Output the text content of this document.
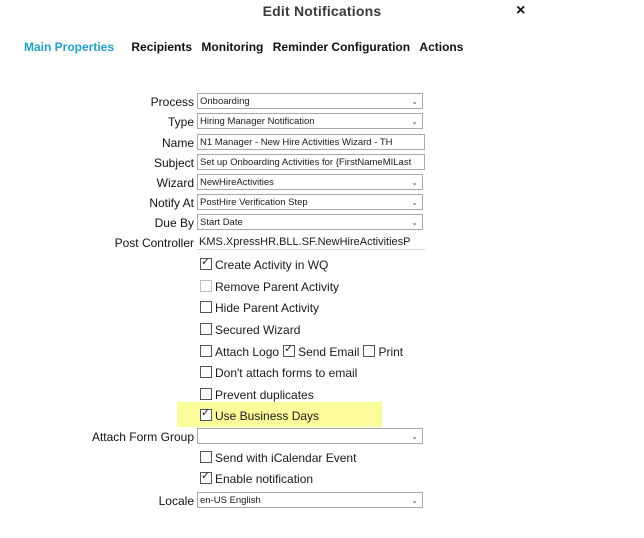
Edit Notifications	×
Main Properties Recipients Monitoring Reminder Configuration Actions
Process Onboarding	⌄
Type Hiring Manager Notification	⌄
Name N1 Manager - New Hire Activities Wizard - TH
Subject Set up Onboarding Activities for {FirstNameMILast
Wizard NewHireActivities	⌄
Notify At PostHire Verification Step	⌄
Due By Start Date	⌄
Post Controller KMS.XpressHR.BLL.SF.NewHireActivitiesP
✓ Create Activity in WQ
Remove Parent Activity
Hide Parent Activity
Secured Wizard
Attach Logo ✓ Send Email Print
Don't attach forms to email
Prevent duplicates
✓ Use Business Days
Attach Form Group	⌄
Send with iCalendar Event
✓ Enable notification
Locale en-US English	⌄
